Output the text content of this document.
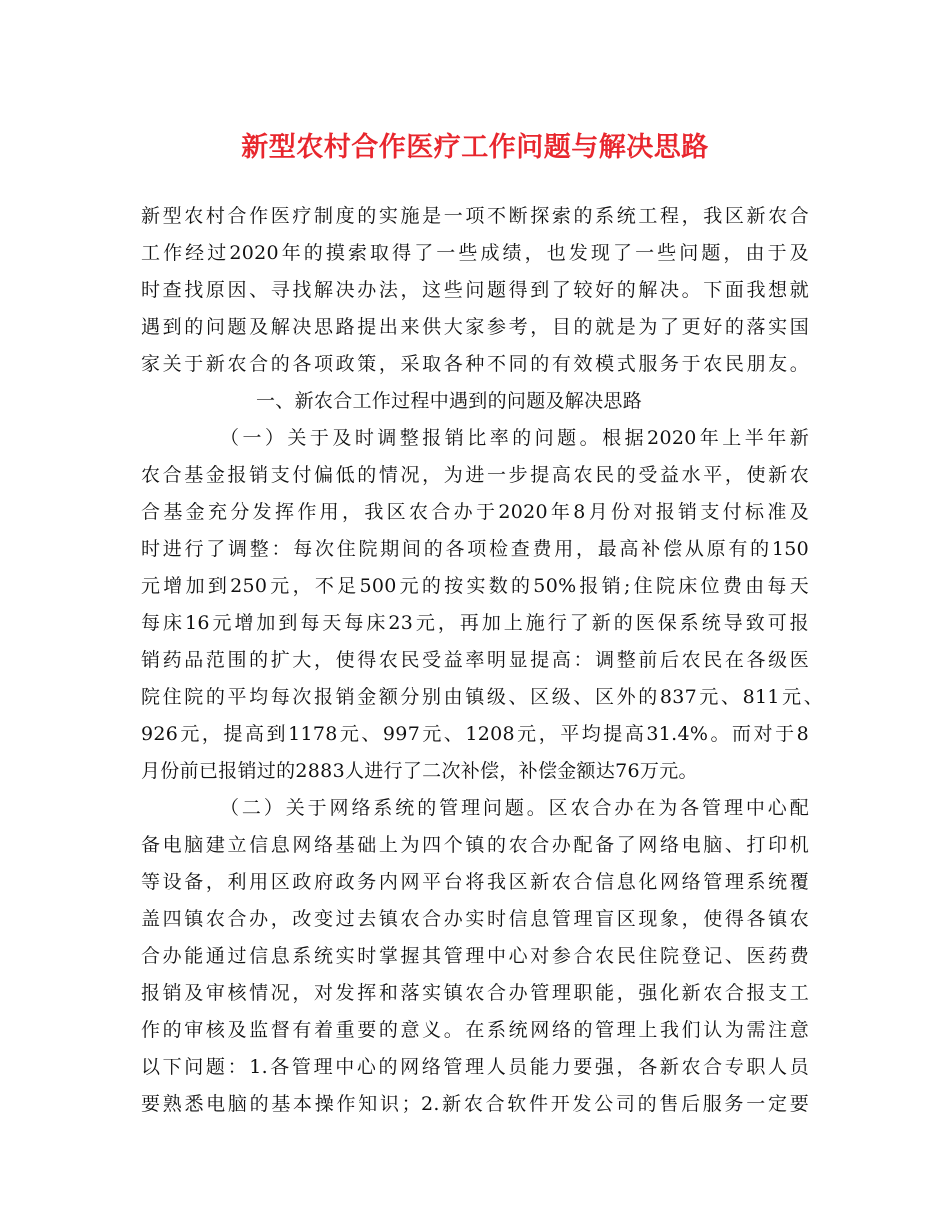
新型农村合作医疗工作问题与解决思路
新型农村合作医疗制度的实施是一项不断探索的系统工程，我区新农合
工作经过2020年的摸索取得了一些成绩，也发现了一些问题，由于及
时查找原因、寻找解决办法，这些问题得到了较好的解决。下面我想就
遇到的问题及解决思路提出来供大家参考，目的就是为了更好的落实国
家关于新农合的各项政策，采取各种不同的有效模式服务于农民朋友。
一、新农合工作过程中遇到的问题及解决思路
（一）关于及时调整报销比率的问题。根据2020年上半年新
农合基金报销支付偏低的情况，为进一步提高农民的受益水平，使新农
合基金充分发挥作用，我区农合办于2020年8月份对报销支付标准及
时进行了调整：每次住院期间的各项检查费用，最高补偿从原有的150
元增加到250元，不足500元的按实数的50%报销;住院床位费由每天
每床16元增加到每天每床23元，再加上施行了新的医保系统导致可报
销药品范围的扩大，使得农民受益率明显提高：调整前后农民在各级医
院住院的平均每次报销金额分别由镇级、区级、区外的837元、811元、
926元，提高到1178元、997元、1208元，平均提高31.4%。而对于8
月份前已报销过的2883人进行了二次补偿，补偿金额达76万元。
（二）关于网络系统的管理问题。区农合办在为各管理中心配
备电脑建立信息网络基础上为四个镇的农合办配备了网络电脑、打印机
等设备，利用区政府政务内网平台将我区新农合信息化网络管理系统覆
盖四镇农合办，改变过去镇农合办实时信息管理盲区现象，使得各镇农
合办能通过信息系统实时掌握其管理中心对参合农民住院登记、医药费
报销及审核情况，对发挥和落实镇农合办管理职能，强化新农合报支工
作的审核及监督有着重要的意义。在系统网络的管理上我们认为需注意
以下问题：1.各管理中心的网络管理人员能力要强，各新农合专职人员
要熟悉电脑的基本操作知识；2.新农合软件开发公司的售后服务一定要
